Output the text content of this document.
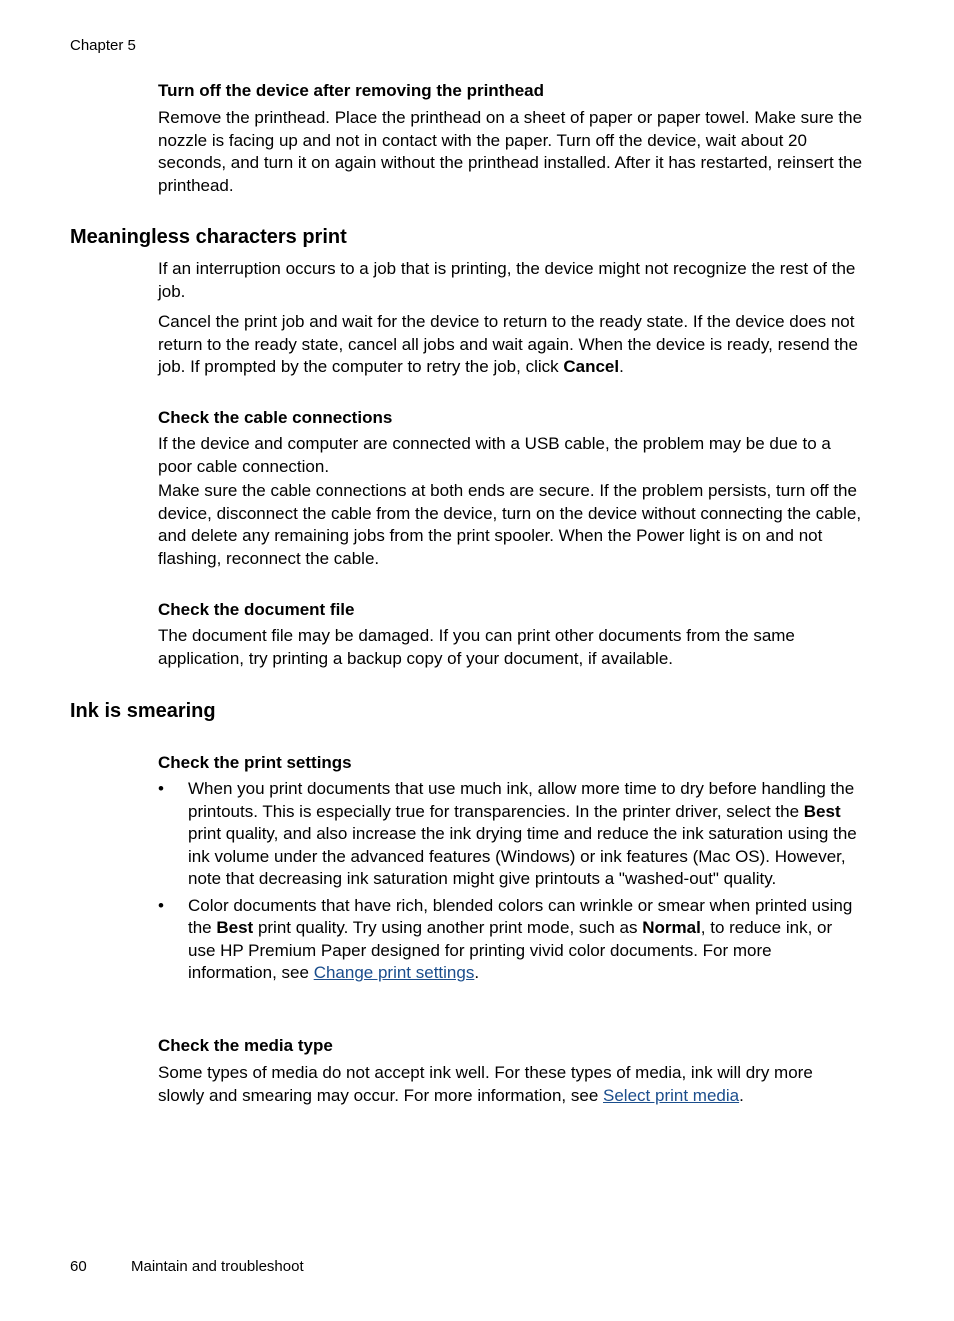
Chapter 5
Turn off the device after removing the printhead
Remove the printhead. Place the printhead on a sheet of paper or paper towel. Make sure the nozzle is facing up and not in contact with the paper. Turn off the device, wait about 20 seconds, and turn it on again without the printhead installed. After it has restarted, reinsert the printhead.
Meaningless characters print
If an interruption occurs to a job that is printing, the device might not recognize the rest of the job.
Cancel the print job and wait for the device to return to the ready state. If the device does not return to the ready state, cancel all jobs and wait again. When the device is ready, resend the job. If prompted by the computer to retry the job, click Cancel.
Check the cable connections
If the device and computer are connected with a USB cable, the problem may be due to a poor cable connection.
Make sure the cable connections at both ends are secure. If the problem persists, turn off the device, disconnect the cable from the device, turn on the device without connecting the cable, and delete any remaining jobs from the print spooler. When the Power light is on and not flashing, reconnect the cable.
Check the document file
The document file may be damaged. If you can print other documents from the same application, try printing a backup copy of your document, if available.
Ink is smearing
Check the print settings
• When you print documents that use much ink, allow more time to dry before handling the printouts. This is especially true for transparencies. In the printer driver, select the Best print quality, and also increase the ink drying time and reduce the ink saturation using the ink volume under the advanced features (Windows) or ink features (Mac OS). However, note that decreasing ink saturation might give printouts a "washed-out" quality.
• Color documents that have rich, blended colors can wrinkle or smear when printed using the Best print quality. Try using another print mode, such as Normal, to reduce ink, or use HP Premium Paper designed for printing vivid color documents. For more information, see Change print settings.
Check the media type
Some types of media do not accept ink well. For these types of media, ink will dry more slowly and smearing may occur. For more information, see Select print media.
60	Maintain and troubleshoot
